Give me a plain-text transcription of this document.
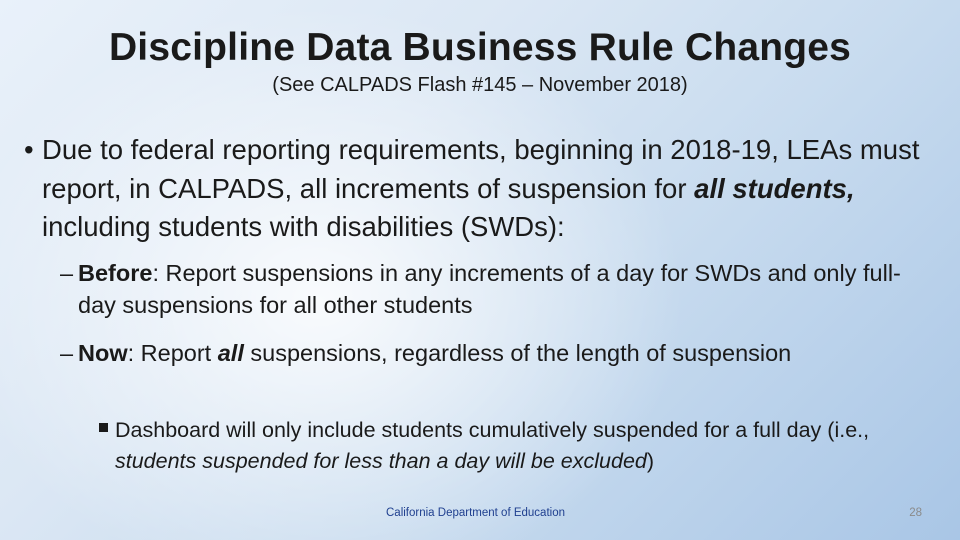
Discipline Data Business Rule Changes
(See CALPADS Flash #145 – November 2018)
• Due to federal reporting requirements, beginning in 2018-19, LEAs must report, in CALPADS, all increments of suspension for all students, including students with disabilities (SWDs):
– Before: Report suspensions in any increments of a day for SWDs and only full-day suspensions for all other students
– Now: Report all suspensions, regardless of the length of suspension
Dashboard will only include students cumulatively suspended for a full day (i.e., students suspended for less than a day will be excluded)
California Department of Education	28
